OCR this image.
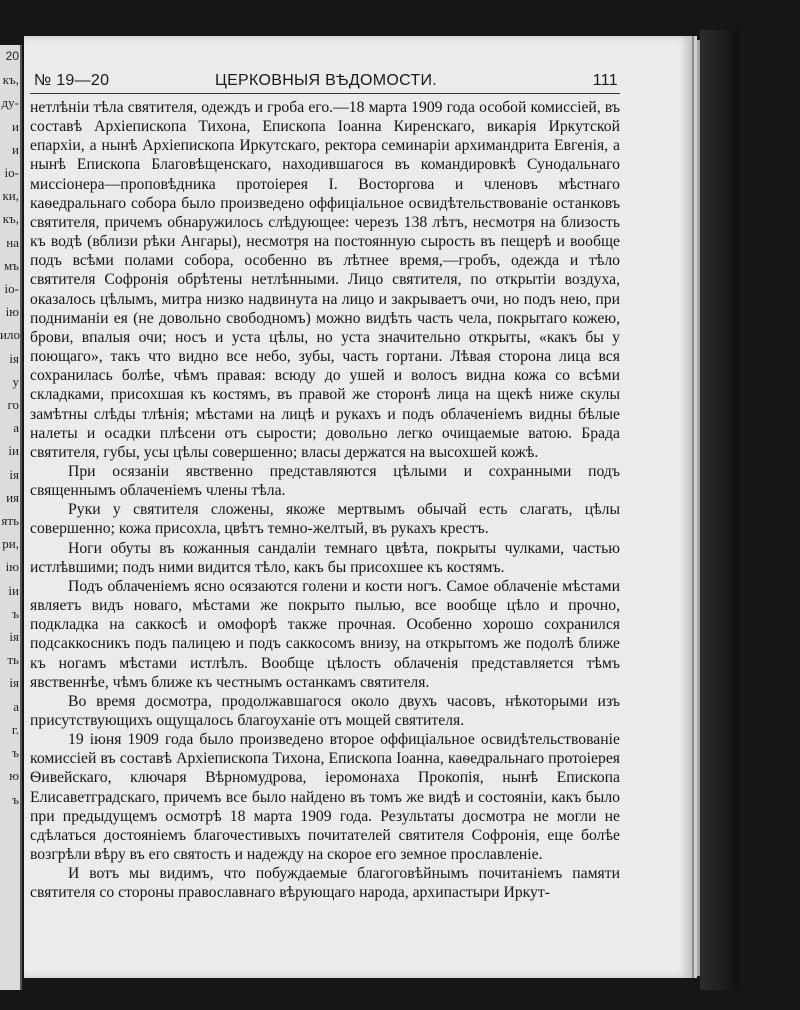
20
къ,
ду-
и
и
іо-
ки,
къ,
на
мъ
іо-
ію
ило
ія
у
го
а
іи
ія
ия
ять
ри,
ію
іи
ъ
ія
ть
ія
а
г.
ъ
ю
ъ
№ 19—20	ЦЕРКОВНЫЯ ВѢДОМОСТИ.	111

нетлѣніи тѣла святителя, одеждъ и гроба его.—18 марта 1909 года особой комиссіей, въ составѣ Архіепископа Тихона, Епископа Іоанна Киренскаго, викарія Иркутской епархіи, а нынѣ Архіепископа Иркутскаго, ректора семинаріи архимандрита Евгенія, а нынѣ Епископа Благовѣщенскаго, находившагося въ командировкѣ Сунодальнаго миссіонера—проповѣдника протоіерея І. Восторгова и членовъ мѣстнаго каѳедральнаго собора было произведено оффиціальное освидѣтельствованіе останковъ святителя, причемъ обнаружилось слѣдующее: черезъ 138 лѣтъ, несмотря на близость къ водѣ (вблизи рѣки Ангары), несмотря на постоянную сырость въ пещерѣ и вообще подъ всѣми полами собора, особенно въ лѣтнее время,—гробъ, одежда и тѣло святителя Софронія обрѣтены нетлѣнными. Лицо святителя, по открытіи воздуха, оказалось цѣлымъ, митра низко надвинута на лицо и закрываетъ очи, но подъ нею, при подниманіи ея (не довольно свободномъ) можно видѣть часть чела, покрытаго кожею, брови, впалыя очи; носъ и уста цѣлы, но уста значительно открыты, «какъ бы у поющаго», такъ что видно все небо, зубы, часть гортани. Лѣвая сторона лица вся сохранилась болѣе, чѣмъ правая: всюду до ушей и волосъ видна кожа со всѣми складками, присохшая къ костямъ, въ правой же сторонѣ лица на щекѣ ниже скулы замѣтны слѣды тлѣнія; мѣстами на лицѣ и рукахъ и подъ облаченіемъ видны бѣлые налеты и осадки плѣсени отъ сырости; довольно легко очищаемые ватою. Брада святителя, губы, усы цѣлы совершенно; власы держатся на высохшей кожѣ.

При осязаніи явственно представляются цѣлыми и сохранными подъ священнымъ облаченіемъ члены тѣла.

Руки у святителя сложены, якоже мертвымъ обычай есть слагать, цѣлы совершенно; кожа присохла, цвѣтъ темно-желтый, въ рукахъ крестъ.

Ноги обуты въ кожанныя сандаліи темнаго цвѣта, покрыты чулками, частью истлѣвшими; подъ ними видится тѣло, какъ бы присохшее къ костямъ.

Подъ облаченіемъ ясно осязаются голени и кости ногъ. Самое облаченіе мѣстами являетъ видъ новаго, мѣстами же покрыто пылью, все вообще цѣло и прочно, подкладка на саккосѣ и омофорѣ также прочная. Особенно хорошо сохранился подсаккосникъ подъ палицею и подъ саккосомъ внизу, на открытомъ же подолѣ ближе къ ногамъ мѣстами истлѣлъ. Вообще цѣлость облаченія представляется тѣмъ явственнѣе, чѣмъ ближе къ честнымъ останкамъ святителя.

Во время досмотра, продолжавшагося около двухъ часовъ, нѣкоторыми изъ присутствующихъ ощущалось благоуханіе отъ мощей святителя.

19 іюня 1909 года было произведено второе оффиціальное освидѣтельствованіе комиссіей въ составѣ Архіепископа Тихона, Епископа Іоанна, каѳедральнаго протоіерея Ѳивейскаго, ключаря Вѣрномудрова, іеромонаха Прокопія, нынѣ Епископа Елисаветградскаго, причемъ все было найдено въ томъ же видѣ и состояніи, какъ было при предыдущемъ осмотрѣ 18 марта 1909 года. Результаты досмотра не могли не сдѣлаться достояніемъ благочестивыхъ почитателей святителя Софронія, еще болѣе возгрѣли вѣру въ его святость и надежду на скорое его земное прославленіе.

И вотъ мы видимъ, что побуждаемые благоговѣйнымъ почитаніемъ памяти святителя со стороны православнаго вѣрующаго народа, архипастыри Иркут-
